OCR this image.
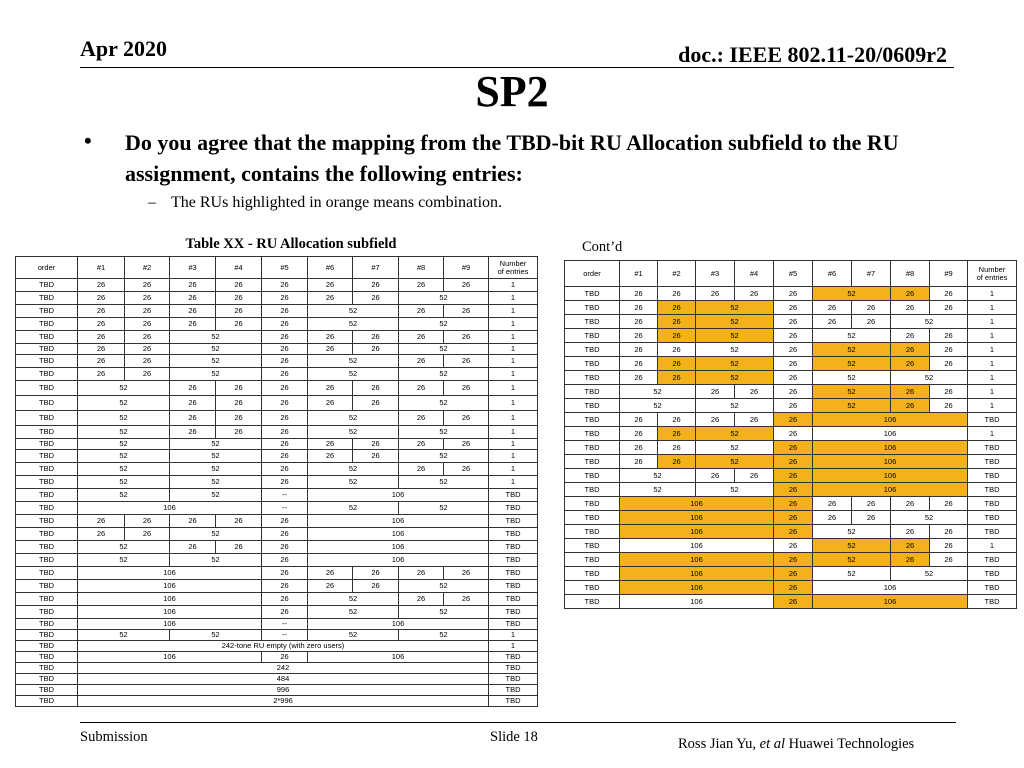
Apr 2020	doc.: IEEE 802.11-20/0609r2
SP2
• Do you agree that the mapping from the TBD-bit RU Allocation subfield to the RU assignment, contains the following entries:
– The RUs highlighted in orange means combination.
Table XX - RU Allocation subfield	Cont’d
order	#1	#2	#3	#4	#5	#6	#7	#8	#9	Number
of entries
TBD	26	26	26	26	26	26	26	26	26	1
TBD	26	26	26	26	26	26	26	52		1
TBD	26	26	26	26	26	52		26	26	1
TBD	26	26	26	26	26	52		52		1
TBD	26	26	52		26	26	26	26	26	1
TBD	26	26	52		26	26	26	52		1
TBD	26	26	52		26	52		26	26	1
TBD	26	26	52		26	52		52		1
TBD	52		26	26	26	26	26	26	26	1
TBD	52		26	26	26	26	26	52		1
TBD	52		26	26	26	52		26	26	1
TBD	52		26	26	26	52		52		1
TBD	52		52		26	26	26	26	26	1
TBD	52		52		26	26	26	52		1
TBD	52		52		26	52		26	26	1
TBD	52		52		26	52		52		1
TBD	52		52		--	106				TBD
TBD	106				--	52		52		TBD
TBD	26	26	26	26	26	106				TBD
TBD	26	26	52		26	106				TBD
TBD	52		26	26	26	106				TBD
TBD	52		52		26	106				TBD
TBD	106				26	26	26	26	26	TBD
TBD	106				26	26	26	52		TBD
TBD	106				26	52		26	26	TBD
TBD	106				26	52		52		TBD
TBD	106				--	106				TBD
TBD	52		52		--	52		52		1
TBD	242-tone RU empty (with zero users)									1
TBD	106				26	106				TBD
TBD	242									TBD
TBD	484									TBD
TBD	996									TBD
TBD	2*996									TBD
order	#1	#2	#3	#4	#5	#6	#7	#8	#9	Number
of entries
TBD	26	26	26	26	26	52		26	26	1
TBD	26	26	52		26	26	26	26	26	1
TBD	26	26	52		26	26	26	52		1
TBD	26	26	52		26	52		26	26	1
TBD	26	26	52		26	52		26	26	1
TBD	26	26	52		26	52		26	26	1
TBD	26	26	52		26	52		52		1
TBD	52		26	26	26	52		26	26	1
TBD	52		52		26	52		26	26	1
TBD	26	26	26	26	26	106				TBD
TBD	26	26	52		26	106				1
TBD	26	26	52		26	106				TBD
TBD	26	26	52		26	106				TBD
TBD	52		26	26	26	106				TBD
TBD	52		52		26	106				TBD
TBD	106				26	26	26	26	26	TBD
TBD	106				26	26	26	52		TBD
TBD	106				26	52		26	26	TBD
TBD	106				26	52		26	26	1
TBD	106				26	52		26	26	TBD
TBD	106				26	52		52		TBD
TBD	106				26	106				TBD
TBD	106				26	106				TBD
Submission	Slide 18	Ross Jian Yu, et al Huawei Technologies
